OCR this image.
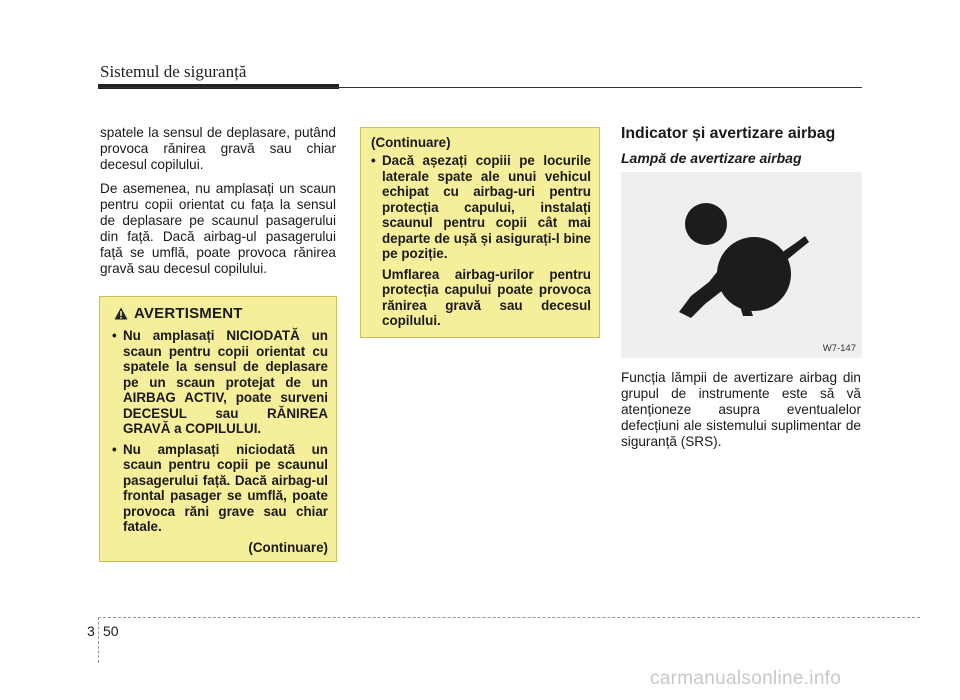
Sistemul de siguranță

spatele la sensul de deplasare, putând provoca rănirea gravă sau chiar decesul copilului.

De asemenea, nu amplasați un scaun pentru copii orientat cu fața la sensul de deplasare pe scaunul pasagerului din față. Dacă airbag-ul pasagerului față se umflă, poate provoca rănirea gravă sau decesul copilului.

AVERTISMENT
• Nu amplasați NICIODATĂ un scaun pentru copii orientat cu spatele la sensul de deplasare pe un scaun protejat de un AIRBAG ACTIV, poate surveni DECESUL sau RĂNIREA GRAVĂ a COPILULUI.
• Nu amplasați niciodată un scaun pentru copii pe scaunul pasagerului față. Dacă airbag-ul frontal pasager se umflă, poate provoca răni grave sau chiar fatale.
(Continuare)
(Continuare)
• Dacă așezați copiii pe locurile laterale spate ale unui vehicul echipat cu airbag-uri pentru protecția capului, instalați scaunul pentru copii cât mai departe de ușă și asigurați-l bine pe poziție.

Umflarea airbag-urilor pentru protecția capului poate provoca rănirea gravă sau decesul copilului.

Indicator și avertizare airbag
Lampă de avertizare airbag
W7-147

Funcția lămpii de avertizare airbag din grupul de instrumente este să vă atenționeze asupra eventualelor defecțiuni ale sistemului suplimentar de siguranță (SRS).

3 50
carmanualsonline.info
